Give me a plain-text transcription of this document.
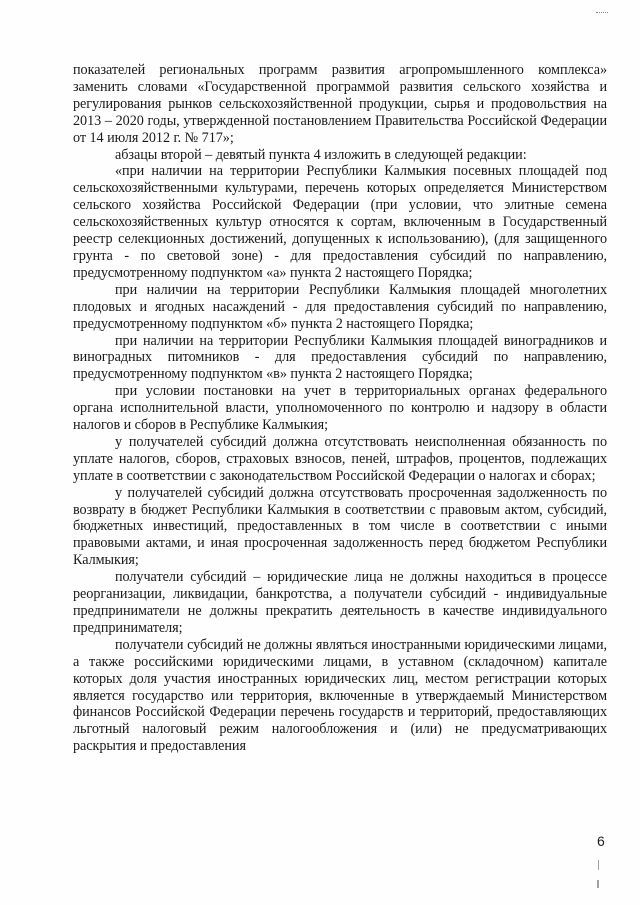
показателей региональных программ развития агропромышленного комплекса» заменить словами «Государственной программой развития сельского хозяйства и регулирования рынков сельскохозяйственной продукции, сырья и продовольствия на 2013 – 2020 годы, утвержденной постановлением Правительства Российской Федерации от 14 июля 2012 г. № 717»;

абзацы второй – девятый пункта 4 изложить в следующей редакции:

«при наличии на территории Республики Калмыкия посевных площадей под сельскохозяйственными культурами, перечень которых определяется Министерством сельского хозяйства Российской Федерации (при условии, что элитные семена сельскохозяйственных культур относятся к сортам, включенным в Государственный реестр селекционных достижений, допущенных к использованию), (для защищенного грунта - по световой зоне) - для предоставления субсидий по направлению, предусмотренному подпунктом «а» пункта 2 настоящего Порядка;

при наличии на территории Республики Калмыкия площадей многолетних плодовых и ягодных насаждений - для предоставления субсидий по направлению, предусмотренному подпунктом «б» пункта 2 настоящего Порядка;

при наличии на территории Республики Калмыкия площадей виноградников и виноградных питомников - для предоставления субсидий по направлению, предусмотренному подпунктом «в» пункта 2 настоящего Порядка;

при условии постановки на учет в территориальных органах федерального органа исполнительной власти, уполномоченного по контролю и надзору в области налогов и сборов в Республике Калмыкия;

у получателей субсидий должна отсутствовать неисполненная обязанность по уплате налогов, сборов, страховых взносов, пеней, штрафов, процентов, подлежащих уплате в соответствии с законодательством Российской Федерации о налогах и сборах;

у получателей субсидий должна отсутствовать просроченная задолженность по возврату в бюджет Республики Калмыкия в соответствии с правовым актом, субсидий, бюджетных инвестиций, предоставленных в том числе в соответствии с иными правовыми актами, и иная просроченная задолженность перед бюджетом Республики Калмыкия;

получатели субсидий – юридические лица не должны находиться в процессе реорганизации, ликвидации, банкротства, а получатели субсидий - индивидуальные предприниматели не должны прекратить деятельность в качестве индивидуального предпринимателя;

получатели субсидий не должны являться иностранными юридическими лицами, а также российскими юридическими лицами, в уставном (складочном) капитале которых доля участия иностранных юридических лиц, местом регистрации которых является государство или территория, включенные в утверждаемый Министерством финансов Российской Федерации перечень государств и территорий, предоставляющих льготный налоговый режим налогообложения и (или) не предусматривающих раскрытия и предоставления

6
